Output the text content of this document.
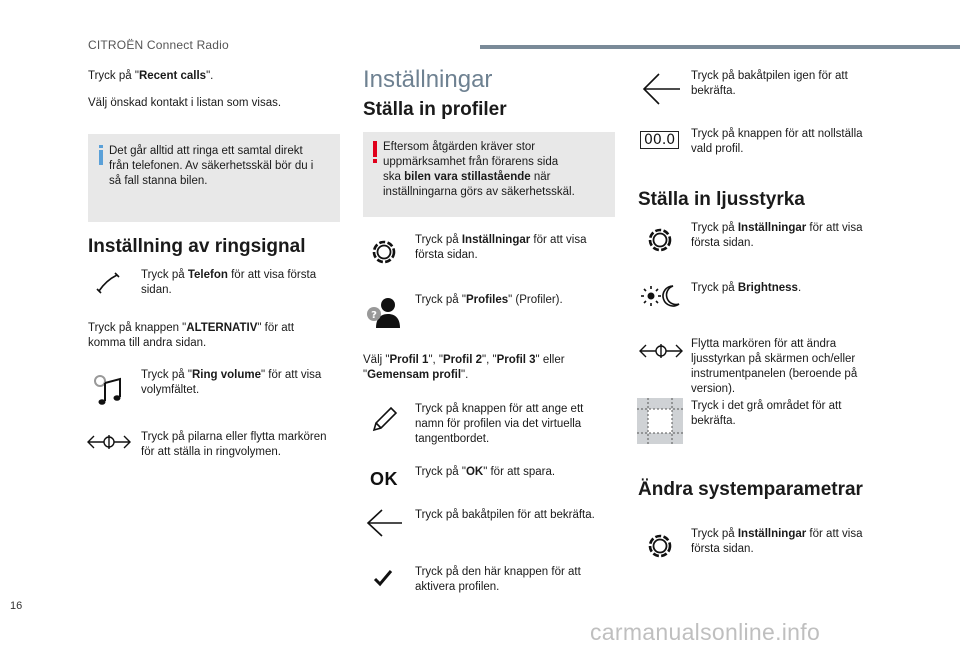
CITROËN Connect Radio
Tryck på "Recent calls".
Välj önskad kontakt i listan som visas.
Det går alltid att ringa ett samtal direkt
från telefonen. Av säkerhetsskäl bör du i
så fall stanna bilen.
Inställning av ringsignal
Tryck på Telefon för att visa första
sidan.
Tryck på knappen "ALTERNATIV" för att
komma till andra sidan.
Tryck på "Ring volume" för att visa
volymfältet.
Tryck på pilarna eller flytta markören
för att ställa in ringvolymen.
Inställningar
Ställa in profiler
Eftersom åtgärden kräver stor
uppmärksamhet från förarens sida
ska bilen vara stillastående när
inställningarna görs av säkerhetsskäl.
Tryck på Inställningar för att visa
första sidan.
?
Tryck på "Profiles" (Profiler).
Välj "Profil 1", "Profil 2", "Profil 3" eller
"Gemensam profil".
Tryck på knappen för att ange ett
namn för profilen via det virtuella
tangentbordet.
OK	Tryck på "OK" för att spara.
Tryck på bakåtpilen för att bekräfta.
Tryck på den här knappen för att
aktivera profilen.
Tryck på bakåtpilen igen för att
bekräfta.
00.0	Tryck på knappen för att nollställa
vald profil.
Ställa in ljusstyrka
Tryck på Inställningar för att visa
första sidan.
Tryck på Brightness.
Flytta markören för att ändra
ljusstyrkan på skärmen och/eller
instrumentpanelen (beroende på
version).
Tryck i det grå området för att
bekräfta.
Ändra systemparametrar
Tryck på Inställningar för att visa
första sidan.
16
carmanualsonline.info
